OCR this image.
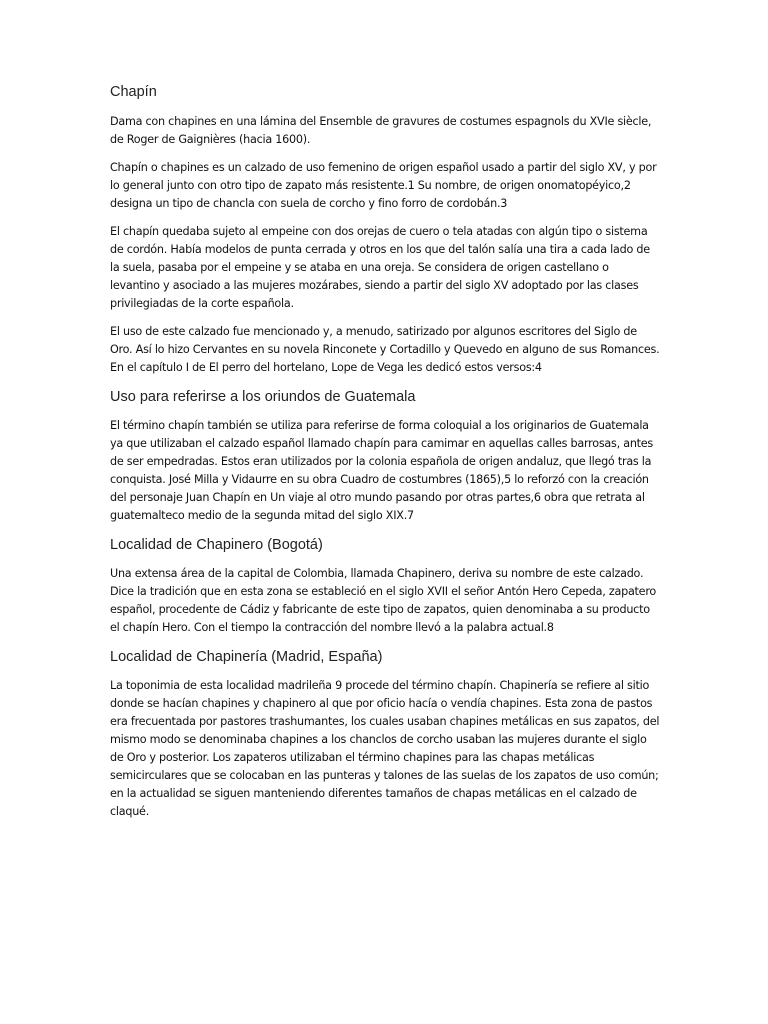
Chapín

Dama con chapines en una lámina del Ensemble de gravures de costumes espagnols du XVIe siècle, de Roger de Gaignières (hacia 1600).

Chapín o chapines es un calzado de uso femenino de origen español usado a partir del siglo XV, y por lo general junto con otro tipo de zapato más resistente.1 Su nombre, de origen onomatopéyico,2 designa un tipo de chancla con suela de corcho y fino forro de cordobán.3

El chapín quedaba sujeto al empeine con dos orejas de cuero o tela atadas con algún tipo o sistema de cordón. Había modelos de punta cerrada y otros en los que del talón salía una tira a cada lado de la suela, pasaba por el empeine y se ataba en una oreja. Se considera de origen castellano o levantino y asociado a las mujeres mozárabes, siendo a partir del siglo XV adoptado por las clases privilegiadas de la corte española.

El uso de este calzado fue mencionado y, a menudo, satirizado por algunos escritores del Siglo de Oro. Así lo hizo Cervantes en su novela Rinconete y Cortadillo y Quevedo en alguno de sus Romances. En el capítulo I de El perro del hortelano, Lope de Vega les dedicó estos versos:4

Uso para referirse a los oriundos de Guatemala

El término chapín también se utiliza para referirse de forma coloquial a los originarios de Guatemala ya que utilizaban el calzado español llamado chapín para camimar en aquellas calles barrosas, antes de ser empedradas. Estos eran utilizados por la colonia española de origen andaluz, que llegó tras la conquista. José Milla y Vidaurre en su obra Cuadro de costumbres (1865),5 lo reforzó con la creación del personaje Juan Chapín en Un viaje al otro mundo pasando por otras partes,6 obra que retrata al guatemalteco medio de la segunda mitad del siglo XIX.7

Localidad de Chapinero (Bogotá)

Una extensa área de la capital de Colombia, llamada Chapinero, deriva su nombre de este calzado. Dice la tradición que en esta zona se estableció en el siglo XVII el señor Antón Hero Cepeda, zapatero español, procedente de Cádiz y fabricante de este tipo de zapatos, quien denominaba a su producto el chapín Hero. Con el tiempo la contracción del nombre llevó a la palabra actual.8

Localidad de Chapinería (Madrid, España)

La toponimia de esta localidad madrileña 9 procede del término chapín. Chapinería se refiere al sitio donde se hacían chapines y chapinero al que por oficio hacía o vendía chapines. Esta zona de pastos era frecuentada por pastores trashumantes, los cuales usaban chapines metálicas en sus zapatos, del mismo modo se denominaba chapines a los chanclos de corcho usaban las mujeres durante el siglo de Oro y posterior. Los zapateros utilizaban el término chapines para las chapas metálicas semicirculares que se colocaban en las punteras y talones de las suelas de los zapatos de uso común; en la actualidad se siguen manteniendo diferentes tamaños de chapas metálicas en el calzado de claqué.
